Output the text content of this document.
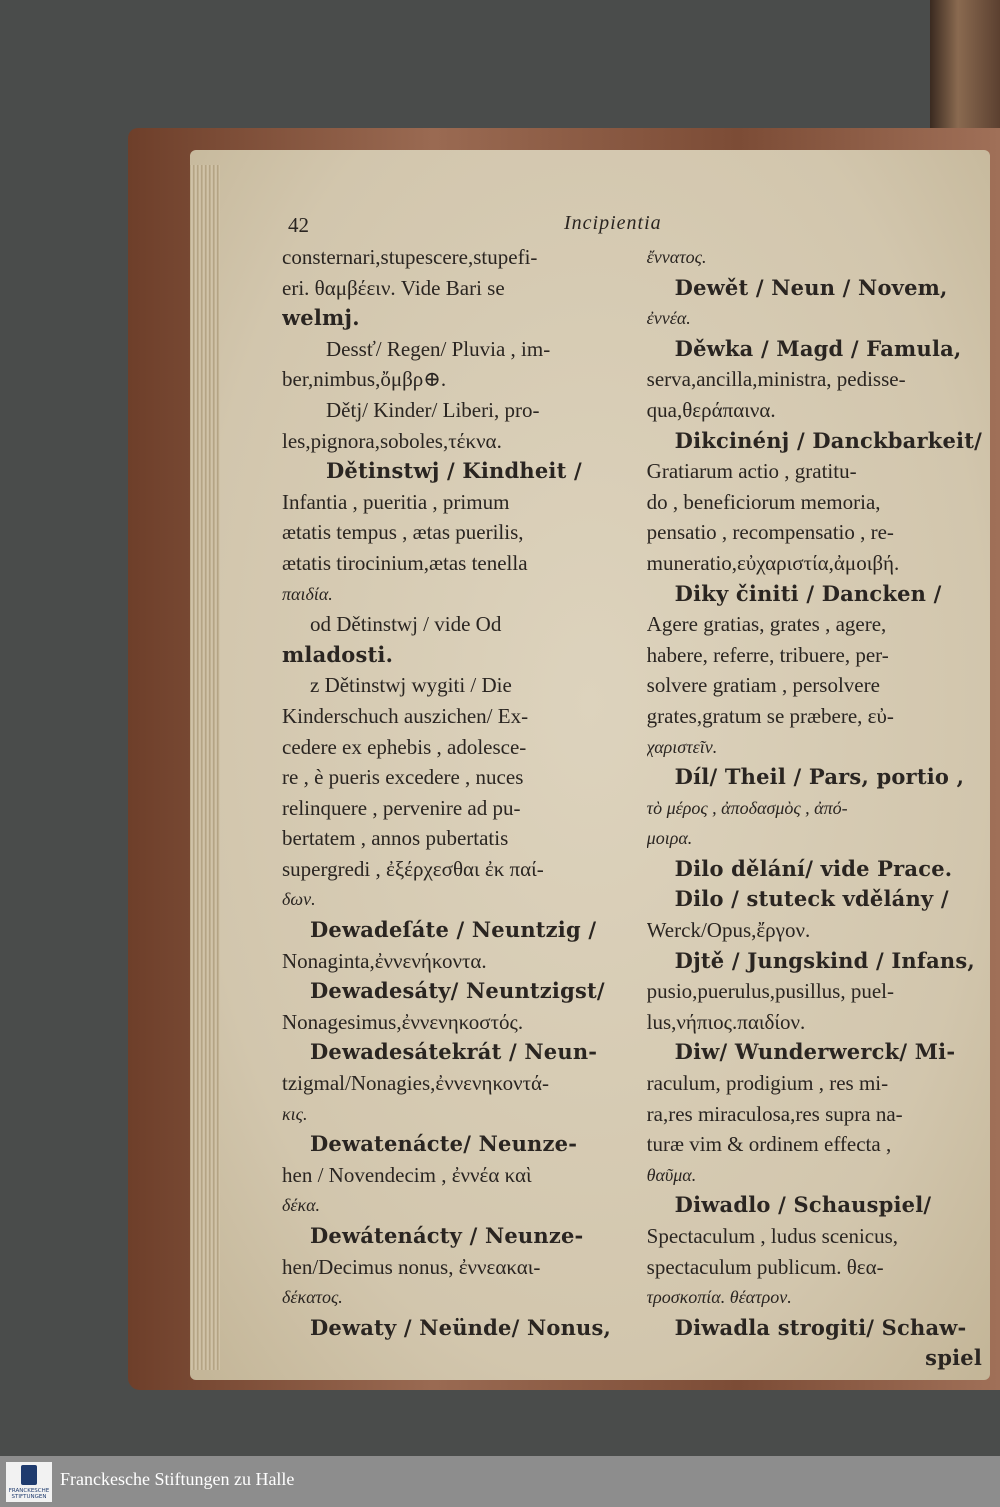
42	Incipientia
consternari,stupescere,stupefi-
eri. θαμβέειν. Vide Bari se
welmj.
Dessť/ Regen/ Pluvia , im-
ber,nimbus,ὄμβρ⊕.
Dětj/ Kinder/ Liberi, pro-
les,pignora,soboles,τέκνα.
Dětinstwj / Kindheit /
Infantia , pueritia , primum
ætatis tempus , ætas puerilis,
ætatis tirocinium,ætas tenella
παιδία.
od Dětinstwj / vide Od
mladosti.
z Dětinstwj wygiti / Die
Kinderschuch auszichen/ Ex-
cedere ex ephebis , adolesce-
re , è pueris excedere , nuces
relinquere , pervenire ad pu-
bertatem , annos pubertatis
supergredi , ἐξέρχεσθαι ἐκ παί-
δων.
Dewadeſáte / Neuntzig /
Nonaginta,ἐννενήκοντα.
Dewadesáty/ Neuntzigst/
Nonagesimus,ἐννενηκοστός.
Dewadesátekrát / Neun-
tzigmal/Nonagies,ἐννενηκοντά-
κις.
Dewatenácte/ Neunze-
hen / Novendecim , ἐννέα καὶ
δέκα.
Dewátenácty / Neunze-
hen/Decimus nonus, ἐννεακαι-
δέκατος.
Dewaty / Neünde/ Nonus,
ἔννατος.
Dewět / Neun / Novem,
ἐννέα.
Děwka / Magd / Famula,
serva,ancilla,ministra, pedisse-
qua,θεράπαινα.
Dikcinénj / Danckbarkeit/
Gratiarum actio , gratitu-
do , beneficiorum memoria,
pensatio , recompensatio , re-
muneratio,εὐχαριστία,ἀμοιβή.
Diky činiti / Dancken /
Agere gratias, grates , agere,
habere, referre, tribuere, per-
solvere gratiam , persolvere
grates,gratum se præbere, εὐ-
χαριστεῖν.
Díl/ Theil / Pars, portio ,
τὸ μέρος , ἀποδασμὸς , ἀπό-
μοιρα.
Dilo dělání/ vide Prace.
Dilo / stuteck vdělány /
Werck/Opus,ἔργον.
Djtě / Jungskind / Infans,
pusio,puerulus,pusillus, puel-
lus,νήπιος.παιδίον.
Diw/ Wunderwerck/ Mi-
raculum, prodigium , res mi-
ra,res miraculosa,res supra na-
turæ vim & ordinem effecta ,
θαῦμα.
Diwadlo / Schauspiel/
Spectaculum , ludus scenicus,
spectaculum publicum. θεα-
τροσκοπία. θέατρον.
Diwadla strogiti/ Schaw-
spiel
FRANCKESCHE STIFTUNGEN
Franckesche Stiftungen zu Halle
